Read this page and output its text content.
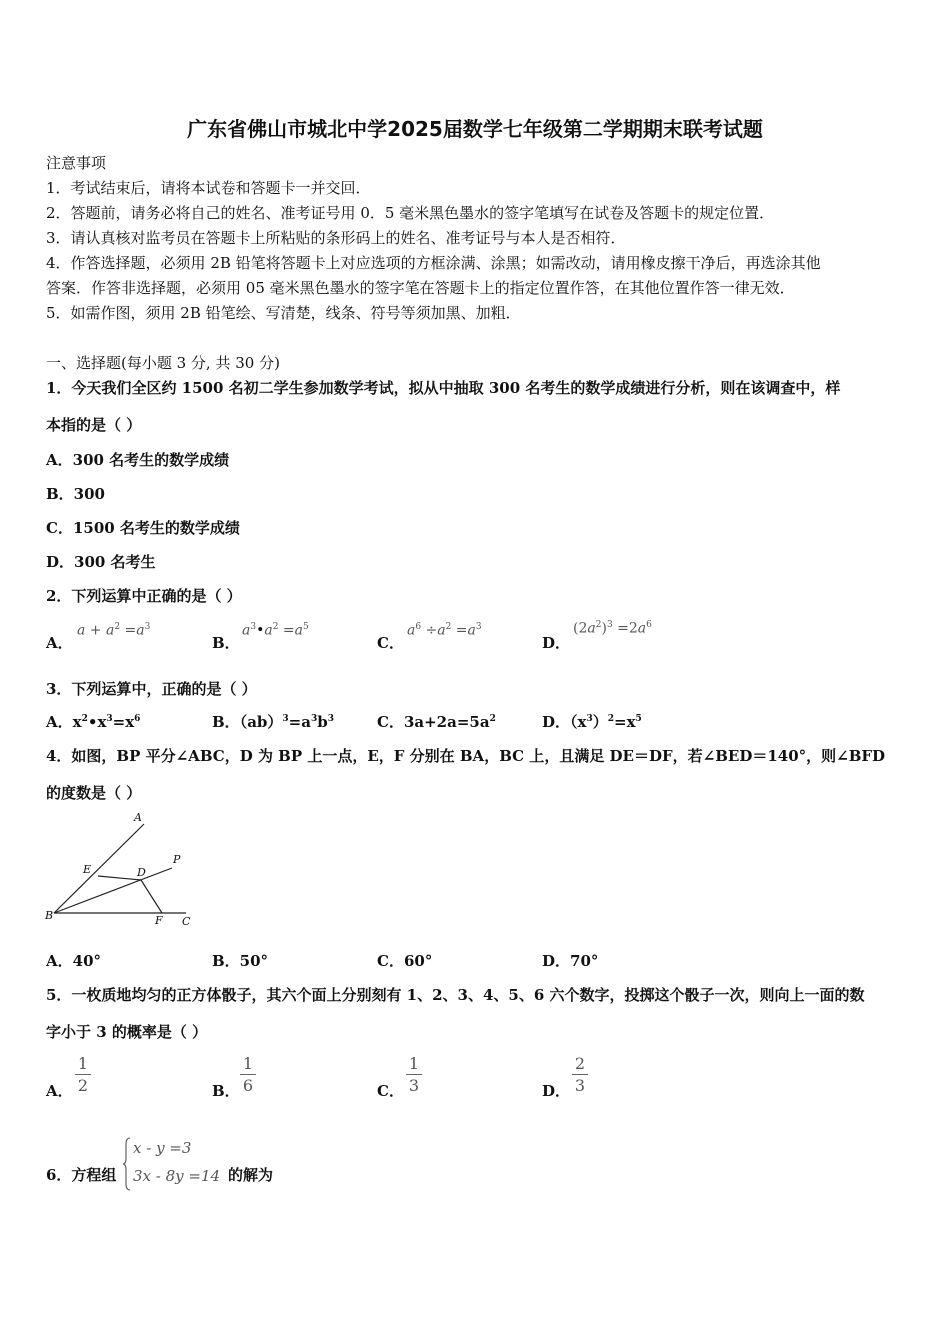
广东省佛山市城北中学2025届数学七年级第二学期期末联考试题
注意事项
1．考试结束后，请将本试卷和答题卡一并交回．
2．答题前，请务必将自己的姓名、准考证号用 0．5 毫米黑色墨水的签字笔填写在试卷及答题卡的规定位置．
3．请认真核对监考员在答题卡上所粘贴的条形码上的姓名、准考证号与本人是否相符．
4．作答选择题，必须用 2B 铅笔将答题卡上对应选项的方框涂满、涂黑；如需改动，请用橡皮擦干净后，再选涂其他
答案．作答非选择题，必须用 05 毫米黑色墨水的签字笔在答题卡上的指定位置作答，在其他位置作答一律无效．
5．如需作图，须用 2B 铅笔绘、写清楚，线条、符号等须加黑、加粗．
一、选择题(每小题 3 分, 共 30 分)
1．今天我们全区约 1500 名初二学生参加数学考试，拟从中抽取 300 名考生的数学成绩进行分析，则在该调查中，样
本指的是（ ）
A．300 名考生的数学成绩
B．300
C．1500 名考生的数学成绩
D．300 名考生
2．下列运算中正确的是（ ）
A．
$a + a^2 =a^3$
B．
$a^3•a^2 =a^5$
C．
$a^6 \div a^2 =a^3$
D．
$(2a^2)^3 =2a^6$
3．下列运算中，正确的是（ ）
A．$x^2•x^3=x^6$	B．$(ab)^3=a^3b^3$	C．$3a+2a=5a^2$	D．$(x^3)^2=x^5$
4．如图，BP 平分∠ABC，D 为 BP 上一点，E，F 分别在 BA，BC 上，且满足 DE＝DF，若∠BED＝140°，则∠BFD
的度数是（ ）
A
P
E	D
B	F C
A．40°	B．50°	C．60°	D．70°
5．一枚质地均匀的正方体骰子，其六个面上分别刻有 1、2、3、4、5、6 六个数字，投掷这个骰子一次，则向上一面的数
字小于 3 的概率是（ ）
A． $\frac{1}{2}$	B． $\frac{1}{6}$	C． $\frac{1}{3}$	D． $\frac{2}{3}$
6．方程组
x - y =3
3x - 8y =14 的解为
